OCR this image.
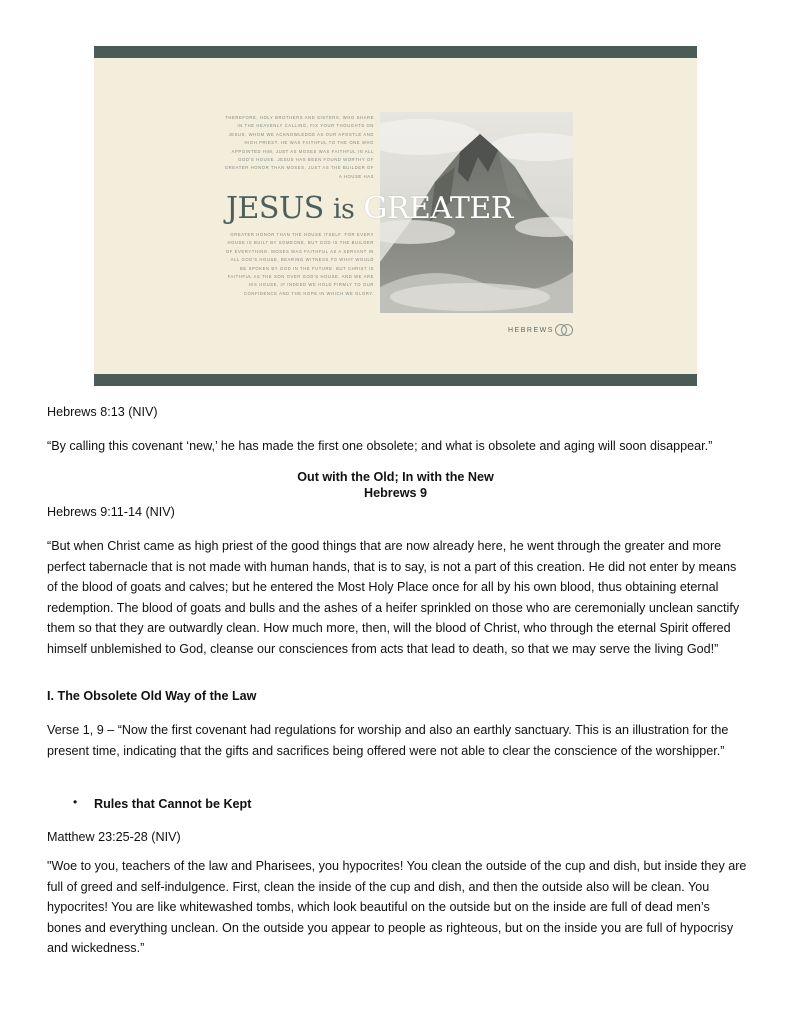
THEREFORE, HOLY BROTHERS AND SISTERS, WHO SHARE IN THE HEAVENLY CALLING, FIX YOUR THOUGHTS ON JESUS, WHOM WE ACKNOWLEDGE AS OUR APOSTLE AND HIGH PRIEST. HE WAS FAITHFUL TO THE ONE WHO APPOINTED HIM, JUST AS MOSES WAS FAITHFUL IN ALL GOD'S HOUSE. JESUS HAS BEEN FOUND WORTHY OF GREATER HONOR THAN MOSES, JUST AS THE BUILDER OF A HOUSE HAS
JESUS is GREATER
GREATER HONOR THAN THE HOUSE ITSELF. FOR EVERY HOUSE IS BUILT BY SOMEONE, BUT GOD IS THE BUILDER OF EVERYTHING. MOSES WAS FAITHFUL AS A SERVANT IN ALL GOD'S HOUSE, BEARING WITNESS TO WHAT WOULD BE SPOKEN BY GOD IN THE FUTURE. BUT CHRIST IS FAITHFUL AS THE SON OVER GOD'S HOUSE. AND WE ARE HIS HOUSE, IF INDEED WE HOLD FIRMLY TO OUR CONFIDENCE AND THE HOPE IN WHICH WE GLORY.
HEBREWS
Hebrews 8:13 (NIV)
“By calling this covenant ‘new,’ he has made the first one obsolete; and what is obsolete and aging will soon disappear.”
Out with the Old; In with the New
Hebrews 9
Hebrews 9:11-14 (NIV)
“But when Christ came as high priest of the good things that are now already here, he went through the greater and more perfect tabernacle that is not made with human hands, that is to say, is not a part of this creation. He did not enter by means of the blood of goats and calves; but he entered the Most Holy Place once for all by his own blood, thus obtaining eternal redemption. The blood of goats and bulls and the ashes of a heifer sprinkled on those who are ceremonially unclean sanctify them so that they are outwardly clean. How much more, then, will the blood of Christ, who through the eternal Spirit offered himself unblemished to God, cleanse our consciences from acts that lead to death, so that we may serve the living God!”
I. The Obsolete Old Way of the Law
Verse 1, 9 – “Now the first covenant had regulations for worship and also an earthly sanctuary. This is an illustration for the present time, indicating that the gifts and sacrifices being offered were not able to clear the conscience of the worshipper.”
• Rules that Cannot be Kept
Matthew 23:25-28 (NIV)
"Woe to you, teachers of the law and Pharisees, you hypocrites! You clean the outside of the cup and dish, but inside they are full of greed and self-indulgence. First, clean the inside of the cup and dish, and then the outside also will be clean. You hypocrites! You are like whitewashed tombs, which look beautiful on the outside but on the inside are full of dead men’s bones and everything unclean. On the outside you appear to people as righteous, but on the inside you are full of hypocrisy and wickedness.”
